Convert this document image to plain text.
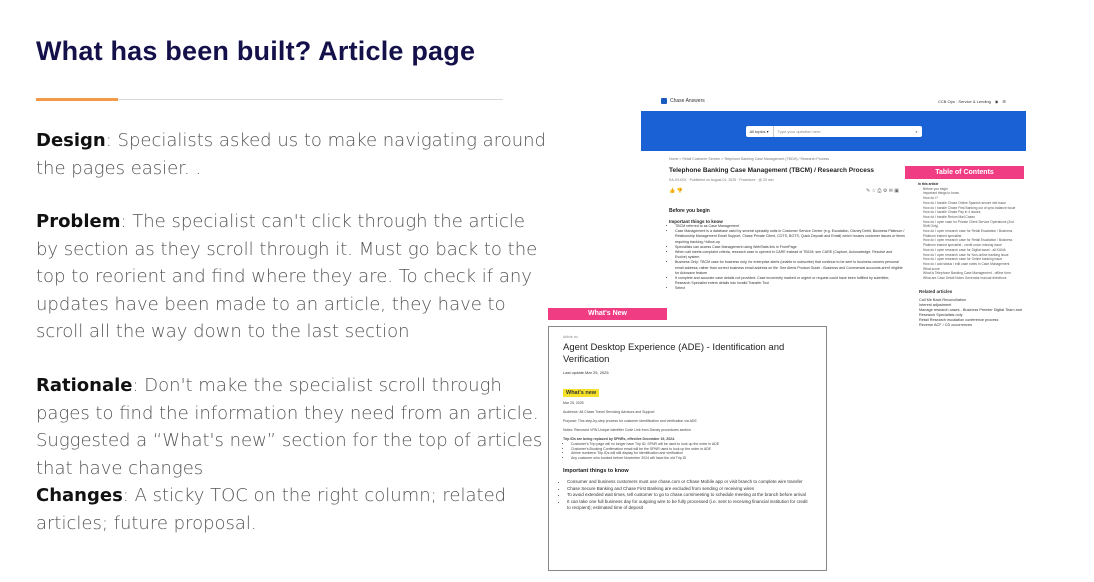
What has been built? Article page
Design: Specialists asked us to make navigating around the pages easier. .
Problem: The specialist can't click through the article by section as they scroll through it. Must go back to the top to reorient and find where they are. To check if any updates have been made to an article, they have to scroll all the way down to the last section
Rationale: Don't make the specialist scroll through pages to find the information they need from an article. Suggested a “What's new” section for the top of articles that have changes
Changes: A sticky TOC on the right column; related articles; future proposal.
Chase Answers	CCB Ops · Service & Lending ◉ ☰
All topics ▾	Type your question here	⌕
Home > Retail Customer Service > Telephone Banking Case Management (TBCM) / Research Process
Telephone Banking Case Management (TBCM) / Research Process
KA-XXXXX · Published on August 01, 2025 · Procedure · @ 20 min
👍 👎	✎ ☆ ⎙ ⚙ ✉ ▣
Before you begin
Important things to know
• TBCM referred to as Case Management
• Case Management is a database used by several specialty units in Customer Service Center (e.g. Escalation, Disney Debit, Business Platinum / Relationship Management Email Support, Chase Private Client, COTS, BOTS, Quick Deposit and Email) which houses customer issues or items requiring tracking / follow-up
• Specialists can access Case Management using WebStats link in FrontPage
• When call meets complaint criteria, research case is opened in CARE instead of TBCM; see CARE (Capture, Acknowledge, Resolve and Evolve) system
• Business Only: TBCM case for business only, for enterprise alerts (unable to subscribe) that continue to be sent to business owners personal email address; rather than correct business email address on file. See Alerts Product Guide - Business and Commercial accounts aren't eligible for Autosave feature
• If complete and accurate case details not provided: Case incorrectly marked or urgent or request could have been fulfilled by submitter, Research Specialist enters details into Invalid Transfer Tool
• Select
Table of Contents
In this article
Before you begin
Important things to know
How do I?
How do I handle Chase Online Spanish secure site issue
How do I handle Chase First Banking out of sync balance issue
How do I handle Chase Pay in 4 issues
How do I handle Return Mail Cases
How do I open case for Private Client Service Operations (2nd Shift Only)
How do I open research case for Retail Escalation / Business Platinum trained specialist
How do I open research case for Retail Escalation / Business Platinum trained specialist - credit union missing issue
How do I open research case for Digital asset - all KANA
How do I open research case for Non-online banking issue
How do I open research case for Online banking issue
How do I add status / edit case notes in Case Management
What score
What is Telephone Banking Case Management - offline form
What are Case Detail Notes Generator manual directions
Related articles
Call Me Back Reconciliation
Interest adjustment
Manage research cases - Business Premier Digital Team and Research Specialists only
Retail Research escalation conference process
Reverse ACF / CD occurrences
What's New
Article no.
Agent Desktop Experience (ADE) - Identification and Verification
Last update Mar 25, 2025
What's new
Mar 25, 2025
Audience: All Chase Travel Servicing Advisors and Support
Purpose: This step-by-step process for customer identification and verification via ADE
Notes: Removed VRN Unique Identifier Code Link from Disney procedures section
Trip IDs are being replaced by SPNRs, effective December 19, 2024.
• Customer's Trip page will no longer have Trip ID; SPNR will be used to look up the order in ADE
• Customer's Booking Confirmation email will be the SPNR used to look up the order in ADE
• Airline numbers/ Trip IDs will still display for identification and verification
• Any customer who booked before November 2024 will have the old Trip ID
Important things to know
• Consumer and business customers must use chase.com or Chase Mobile app or visit branch to complete wire transfer
• Chase Secure Banking and Chase First Banking are excluded from sending or receiving wires
• To avoid extended wait times, tell customer to go to chase.com/meeting to schedule meeting at the branch before arrival
• It can take one full business day for outgoing wire to be fully processed (i.e. sent to receiving financial institution for credit to recipient); estimated time of deposit
